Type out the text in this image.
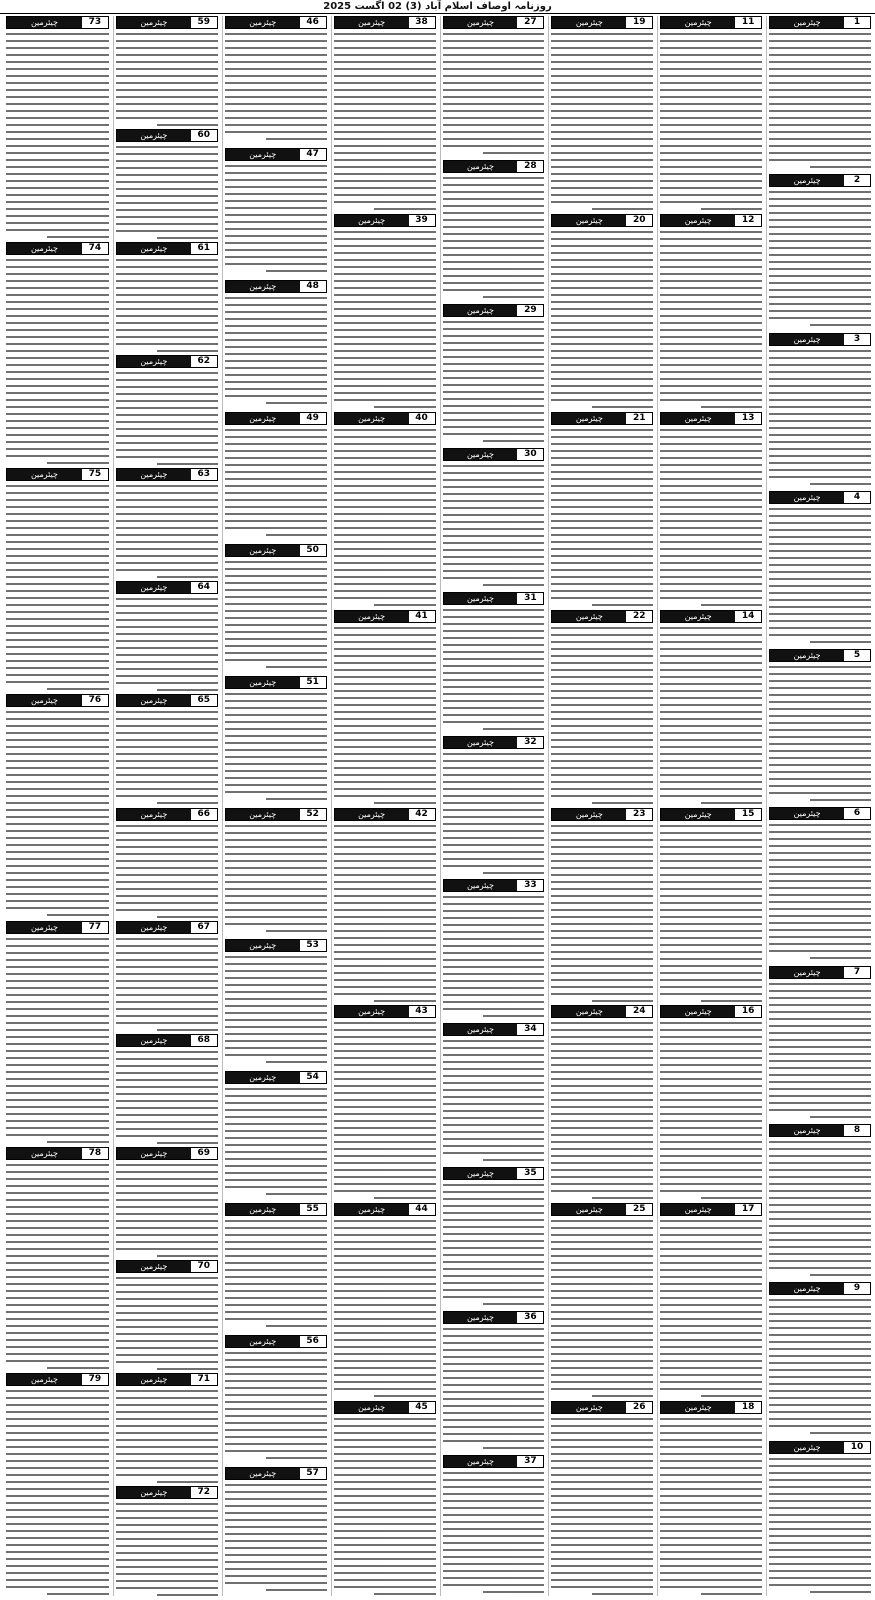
روزنامہ اوصاف اسلام آباد (3) 02 اگست 2025
1
چیئرمین
2
چیئرمین
3
چیئرمین
4
چیئرمین
5
چیئرمین
6
چیئرمین
7
چیئرمین
8
چیئرمین
9
چیئرمین
10
چیئرمین
11
چیئرمین
12
چیئرمین
13
چیئرمین
14
چیئرمین
15
چیئرمین
16
چیئرمین
17
چیئرمین
18
چیئرمین
19
چیئرمین
20
چیئرمین
21
چیئرمین
22
چیئرمین
23
چیئرمین
24
چیئرمین
25
چیئرمین
26
چیئرمین
27
چیئرمین
28
چیئرمین
29
چیئرمین
30
چیئرمین
31
چیئرمین
32
چیئرمین
33
چیئرمین
34
چیئرمین
35
چیئرمین
36
چیئرمین
37
چیئرمین
38
چیئرمین
39
چیئرمین
40
چیئرمین
41
چیئرمین
42
چیئرمین
43
چیئرمین
44
چیئرمین
45
چیئرمین
46
چیئرمین
47
چیئرمین
48
چیئرمین
49
چیئرمین
50
چیئرمین
51
چیئرمین
52
چیئرمین
53
چیئرمین
54
چیئرمین
55
چیئرمین
56
چیئرمین
57
چیئرمین
59
چیئرمین
60
چیئرمین
61
چیئرمین
62
چیئرمین
63
چیئرمین
64
چیئرمین
65
چیئرمین
66
چیئرمین
67
چیئرمین
68
چیئرمین
69
چیئرمین
70
چیئرمین
71
چیئرمین
72
چیئرمین
73
چیئرمین
74
چیئرمین
75
چیئرمین
76
چیئرمین
77
چیئرمین
78
چیئرمین
79
چیئرمین
